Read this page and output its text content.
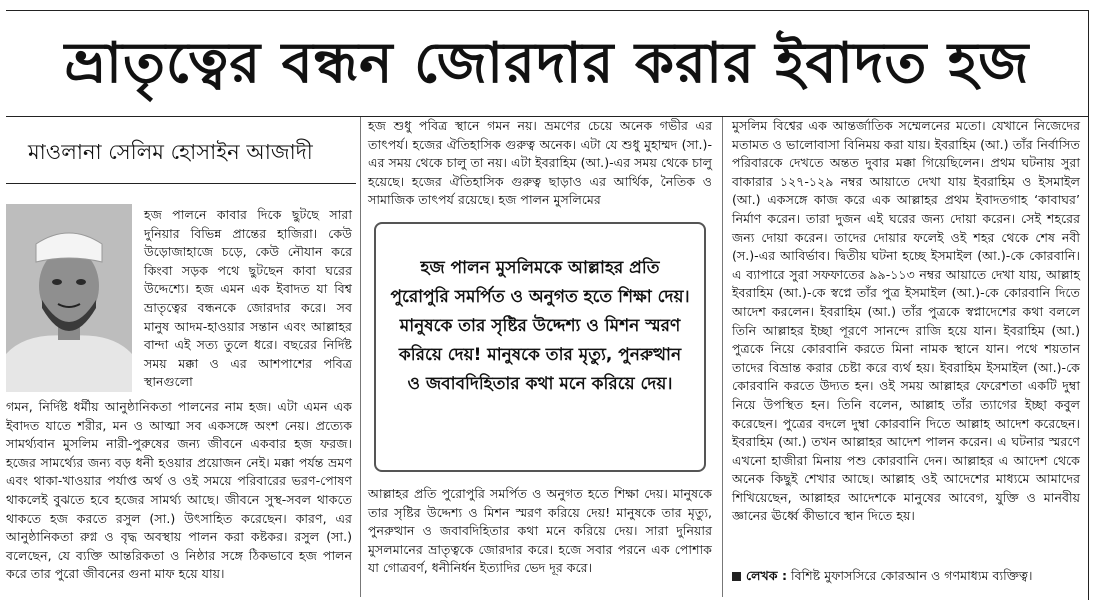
ভ্রাতৃত্বের বন্ধন জোরদার করার ইবাদত হজ
মাওলানা সেলিম হোসাইন আজাদী

হজ পালনে কাবার দিকে ছুটছে সারা দুনিয়ার বিভিন্ন প্রান্তের হাজিরা। কেউ উড়োজাহাজে চড়ে, কেউ নৌযান করে কিংবা সড়ক পথে ছুটছেন কাবা ঘরের উদ্দেশ্যে। হজ এমন এক ইবাদত যা বিশ্ব ভ্রাতৃত্বের বন্ধনকে জোরদার করে। সব মানুষ আদম-হাওয়ার সন্তান এবং আল্লাহর বান্দা এই সত্য তুলে ধরে। বছরের নির্দিষ্ট সময় মক্কা ও এর আশপাশের পবিত্র স্থানগুলো

গমন, নির্দিষ্ট ধর্মীয় আনুষ্ঠানিকতা পালনের নাম হজ। এটা এমন এক ইবাদত যাতে শরীর, মন ও আত্মা সব একসঙ্গে অংশ নেয়। প্রত্যেক সামর্থ্যবান মুসলিম নারী-পুরুষের জন্য জীবনে একবার হজ ফরজ। হজের সামর্থ্যের জন্য বড় ধনী হওয়ার প্রয়োজন নেই। মক্কা পর্যন্ত ভ্রমণ এবং থাকা-খাওয়ার পর্যাপ্ত অর্থ ও ওই সময়ে পরিবারের ভরণ-পোষণ থাকলেই বুঝতে হবে হজের সামর্থ্য আছে। জীবনে সুস্থ-সবল থাকতে থাকতে হজ করতে রসুল (সা.) উৎসাহিত করেছেন। কারণ, এর আনুষ্ঠানিকতা রুগ্ন ও বৃদ্ধ অবস্থায় পালন করা কষ্টকর। রসুল (সা.) বলেছেন, যে ব্যক্তি আন্তরিকতা ও নিষ্ঠার সঙ্গে ঠিকভাবে হজ পালন করে তার পুরো জীবনের গুনা মাফ হয়ে যায়।

হজ শুধু পবিত্র স্থানে গমন নয়। ভ্রমণের চেয়ে অনেক গভীর এর তাৎপর্য। হজের ঐতিহাসিক গুরুত্ব অনেক। এটা যে শুধু মুহাম্মদ (সা.)-এর সময় থেকে চালু তা নয়। এটা ইবরাহিম (আ.)-এর সময় থেকে চালু হয়েছে। হজের ঐতিহাসিক গুরুত্ব ছাড়াও এর আর্থিক, নৈতিক ও সামাজিক তাৎপর্য রয়েছে। হজ পালন মুসলিমের

হজ পালন মুসলিমকে আল্লাহর প্রতি পুরোপুরি সমর্পিত ও অনুগত হতে শিক্ষা দেয়। মানুষকে তার সৃষ্টির উদ্দেশ্য ও মিশন স্মরণ করিয়ে দেয়! মানুষকে তার মৃত্যু, পুনরুত্থান ও জবাবদিহিতার কথা মনে করিয়ে দেয়।

আল্লাহর প্রতি পুরোপুরি সমর্পিত ও অনুগত হতে শিক্ষা দেয়। মানুষকে তার সৃষ্টির উদ্দেশ্য ও মিশন স্মরণ করিয়ে দেয়! মানুষকে তার মৃত্যু, পুনরুত্থান ও জবাবদিহিতার কথা মনে করিয়ে দেয়। সারা দুনিয়ার মুসলমানের ভ্রাতৃত্বকে জোরদার করে। হজে সবার পরনে এক পোশাক যা গোত্রবর্ণ, ধনীনির্ধন ইত্যাদির ভেদ দূর করে।

মুসলিম বিশ্বের এক আন্তর্জাতিক সম্মেলনের মতো। যেখানে নিজেদের মতামত ও ভালোবাসা বিনিময় করা যায়। ইবরাহিম (আ.) তাঁর নির্বাসিত পরিবারকে দেখতে অন্তত দুবার মক্কা গিয়েছিলেন। প্রথম ঘটনায় সুরা বাকারার ১২৭-১২৯ নম্বর আয়াতে দেখা যায় ইবরাহিম ও ইসমাইল (আ.) একসঙ্গে কাজ করে এক আল্লাহর প্রথম ইবাদতগাহ ‘কাবাঘর’ নির্মাণ করেন। তারা দুজন এই ঘরের জন্য দোয়া করেন। সেই শহরের জন্য দোয়া করেন। তাদের দোয়ার ফলেই ওই শহর থেকে শেষ নবী (স.)-এর আবির্ভাব। দ্বিতীয় ঘটনা হচ্ছে ইসমাইল (আ.)-কে কোরবানি। এ ব্যাপারে সুরা সফফাতের ৯৯-১১৩ নম্বর আয়াতে দেখা যায়, আল্লাহ ইবরাহিম (আ.)-কে স্বপ্নে তাঁর পুত্র ইসমাইল (আ.)-কে কোরবানি দিতে আদেশ করলেন। ইবরাহিম (আ.) তাঁর পুত্রকে স্বপ্নাদেশের কথা বললে তিনি আল্লাহর ইচ্ছা পূরণে সানন্দে রাজি হয়ে যান। ইবরাহিম (আ.) পুত্রকে নিয়ে কোরবানি করতে মিনা নামক স্থানে যান। পথে শয়তান তাদের বিভ্রান্ত করার চেষ্টা করে ব্যর্থ হয়। ইবরাহিম ইসমাইল (আ.)-কে কোরবানি করতে উদ্যত হন। ওই সময় আল্লাহর ফেরেশতা একটি দুম্বা নিয়ে উপস্থিত হন। তিনি বলেন, আল্লাহ তাঁর ত্যাগের ইচ্ছা কবুল করেছেন। পুত্রের বদলে দুম্বা কোরবানি দিতে আল্লাহ আদেশ করেছেন। ইবরাহিম (আ.) তখন আল্লাহর আদেশ পালন করেন। এ ঘটনার স্মরণে এখনো হাজীরা মিনায় পশু কোরবানি দেন। আল্লাহর এ আদেশ থেকে অনেক কিছুই শেখার আছে। আল্লাহ ওই আদেশের মাধ্যমে আমাদের শিখিয়েছেন, আল্লাহর আদেশকে মানুষের আবেগ, যুক্তি ও মানবীয় জ্ঞানের ঊর্ধ্বে কীভাবে স্থান দিতে হয়।

লেখক : বিশিষ্ট মুফাসসিরে কোরআন ও গণমাধ্যম ব্যক্তিত্ব।
